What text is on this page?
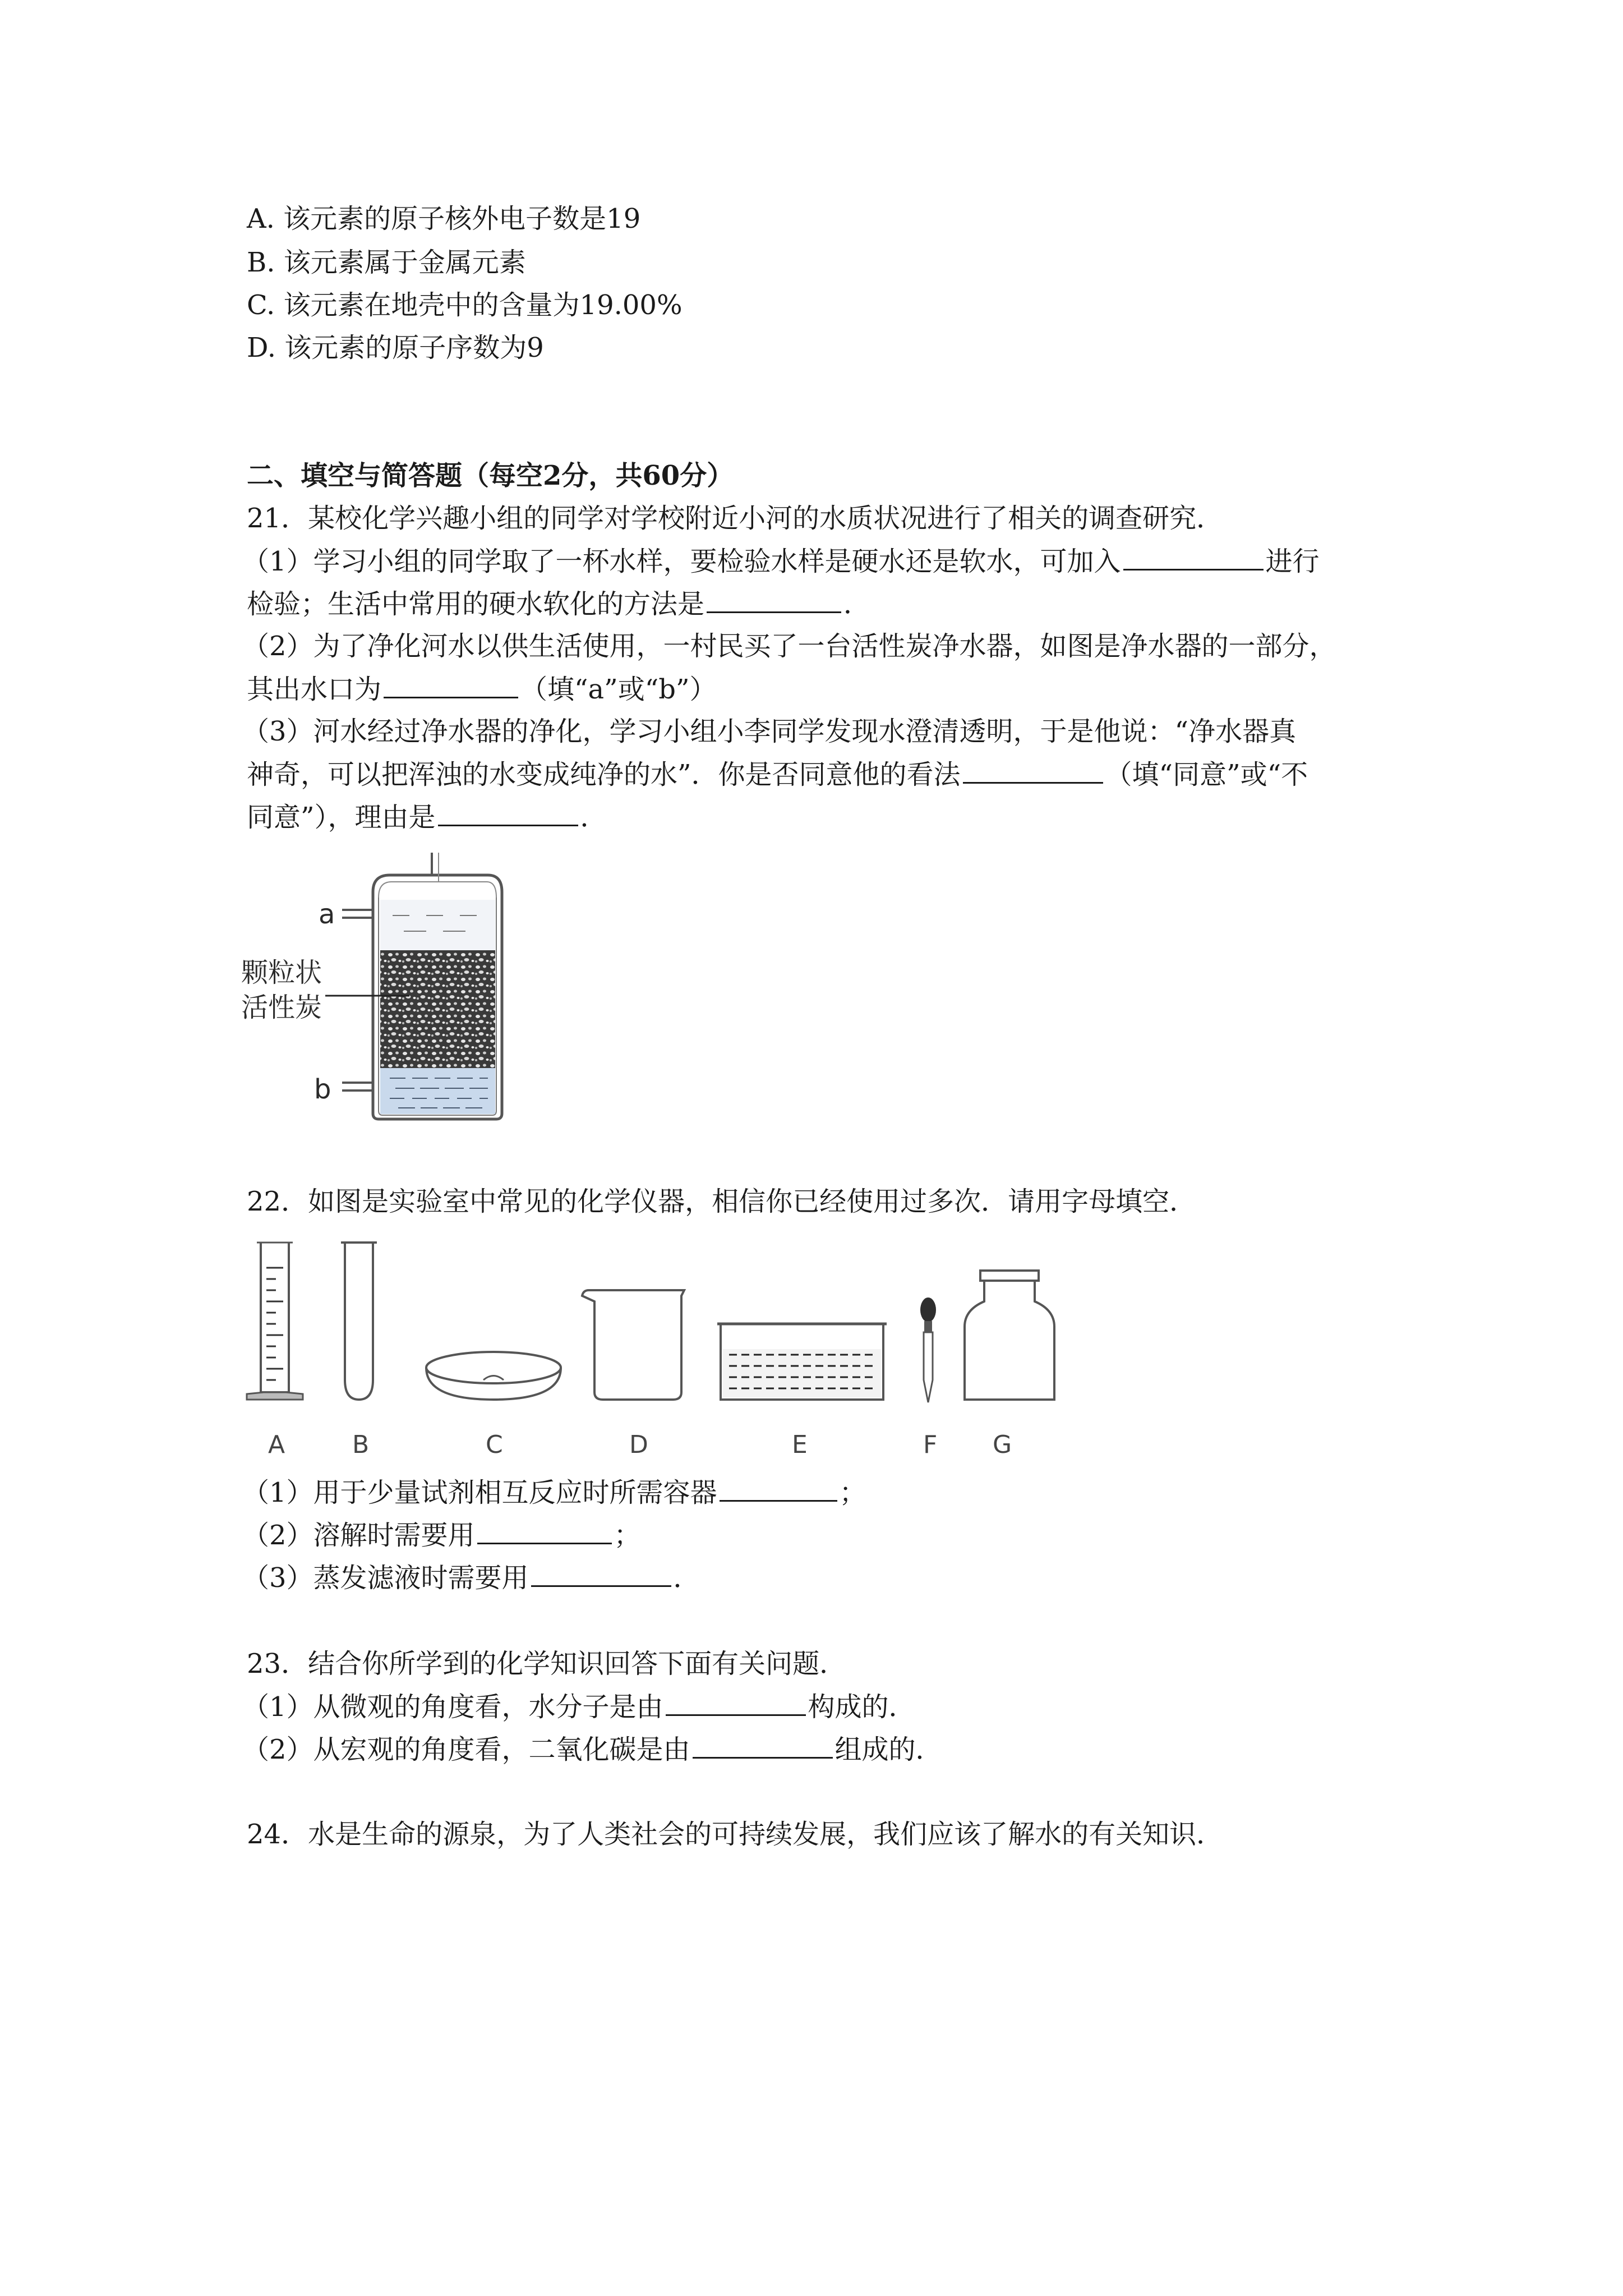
A. 该元素的原子核外电子数是19
B. 该元素属于金属元素
C. 该元素在地壳中的含量为19.00%
D. 该元素的原子序数为9
二、填空与简答题（每空2分，共60分）
21．某校化学兴趣小组的同学对学校附近小河的水质状况进行了相关的调查研究．
（1）学习小组的同学取了一杯水样，要检验水样是硬水还是软水，可加入	进行
检验；生活中常用的硬水软化的方法是	．
（2）为了净化河水以供生活使用，一村民买了一台活性炭净水器，如图是净水器的一部分，
其出水口为	（填“a”或“b”）
（3）河水经过净水器的净化，学习小组小李同学发现水澄清透明，于是他说：“净水器真
神奇，可以把浑浊的水变成纯净的水”．你是否同意他的看法	（填“同意”或“不
同意”），理由是	．
a
b
颗粒状
活性炭
22．如图是实验室中常见的化学仪器，相信你已经使用过多次．请用字母填空．
A	B	C	D	E	F G
（1）用于少量试剂相互反应时所需容器	；
（2）溶解时需要用	；
（3）蒸发滤液时需要用	．
23．结合你所学到的化学知识回答下面有关问题．
（1）从微观的角度看，水分子是由	构成的．
（2）从宏观的角度看，二氧化碳是由	组成的．
24．水是生命的源泉，为了人类社会的可持续发展，我们应该了解水的有关知识．
